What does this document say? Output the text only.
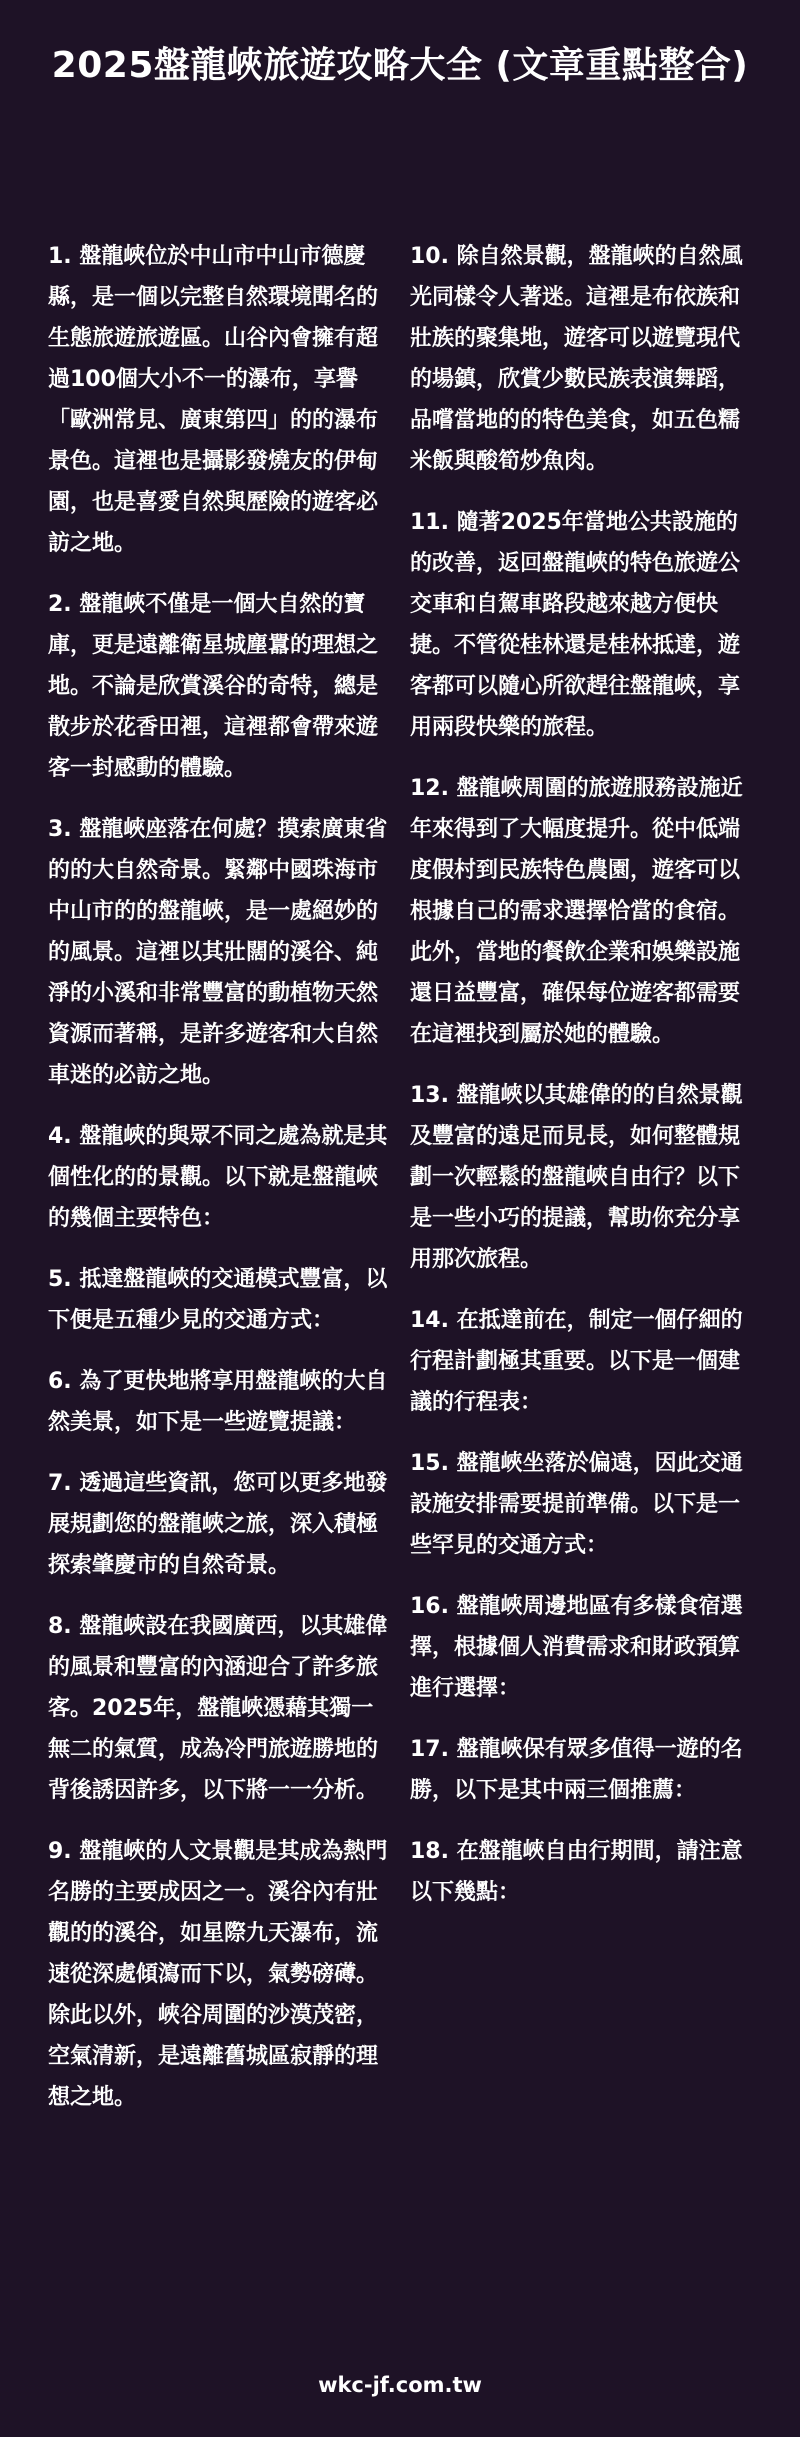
2025盤龍峽旅遊攻略大全 (文章重點整合)

1. 盤龍峽位於中山市中山市德慶縣，是一個以完整自然環境聞名的生態旅遊旅遊區。山谷內會擁有超過100個大小不一的瀑布，享譽「歐洲常見、廣東第四」的的瀑布景色。這裡也是攝影發燒友的伊甸園，也是喜愛自然與歷險的遊客必訪之地。

2. 盤龍峽不僅是一個大自然的寶庫，更是遠離衛星城塵囂的理想之地。不論是欣賞溪谷的奇特，總是散步於花香田裡，這裡都會帶來遊客一封感動的體驗。

3. 盤龍峽座落在何處？摸索廣東省的的大自然奇景。緊鄰中國珠海市中山市的的盤龍峽，是一處絕妙的的風景。這裡以其壯闊的溪谷、純淨的小溪和非常豐富的動植物天然資源而著稱，是許多遊客和大自然車迷的必訪之地。

4. 盤龍峽的與眾不同之處為就是其個性化的的景觀。以下就是盤龍峽的幾個主要特色：

5. 抵達盤龍峽的交通模式豐富，以下便是五種少見的交通方式：

6. 為了更快地將享用盤龍峽的大自然美景，如下是一些遊覽提議：

7. 透過這些資訊，您可以更多地發展規劃您的盤龍峽之旅，深入積極探索肇慶市的自然奇景。

8. 盤龍峽設在我國廣西，以其雄偉的風景和豐富的內涵迎合了許多旅客。2025年，盤龍峽憑藉其獨一無二的氣質，成為冷門旅遊勝地的背後誘因許多，以下將一一分析。

9. 盤龍峽的人文景觀是其成為熱門名勝的主要成因之一。溪谷內有壯觀的的溪谷，如星際九天瀑布，流速從深處傾瀉而下以，氣勢磅礡。除此以外，峽谷周圍的沙漠茂密，空氣清新，是遠離舊城區寂靜的理想之地。

10. 除自然景觀，盤龍峽的自然風光同樣令人著迷。這裡是布依族和壯族的聚集地，遊客可以遊覽現代的場鎮，欣賞少數民族表演舞蹈，品嚐當地的的特色美食，如五色糯米飯與酸筍炒魚肉。

11. 隨著2025年當地公共設施的的改善，返回盤龍峽的特色旅遊公交車和自駕車路段越來越方便快捷。不管從桂林還是桂林抵達，遊客都可以隨心所欲趕往盤龍峽，享用兩段快樂的旅程。

12. 盤龍峽周圍的旅遊服務設施近年來得到了大幅度提升。從中低端度假村到民族特色農園，遊客可以根據自己的需求選擇恰當的食宿。此外，當地的餐飲企業和娛樂設施還日益豐富，確保每位遊客都需要在這裡找到屬於她的體驗。

13. 盤龍峽以其雄偉的的自然景觀及豐富的遠足而見長，如何整體規劃一次輕鬆的盤龍峽自由行？以下是一些小巧的提議，幫助你充分享用那次旅程。

14. 在抵達前在，制定一個仔細的行程計劃極其重要。以下是一個建議的行程表：

15. 盤龍峽坐落於偏遠，因此交通設施安排需要提前準備。以下是一些罕見的交通方式：

16. 盤龍峽周邊地區有多樣食宿選擇，根據個人消費需求和財政預算進行選擇：

17. 盤龍峽保有眾多值得一遊的名勝，以下是其中兩三個推薦：

18. 在盤龍峽自由行期間，請注意以下幾點：

wkc-jf.com.tw
